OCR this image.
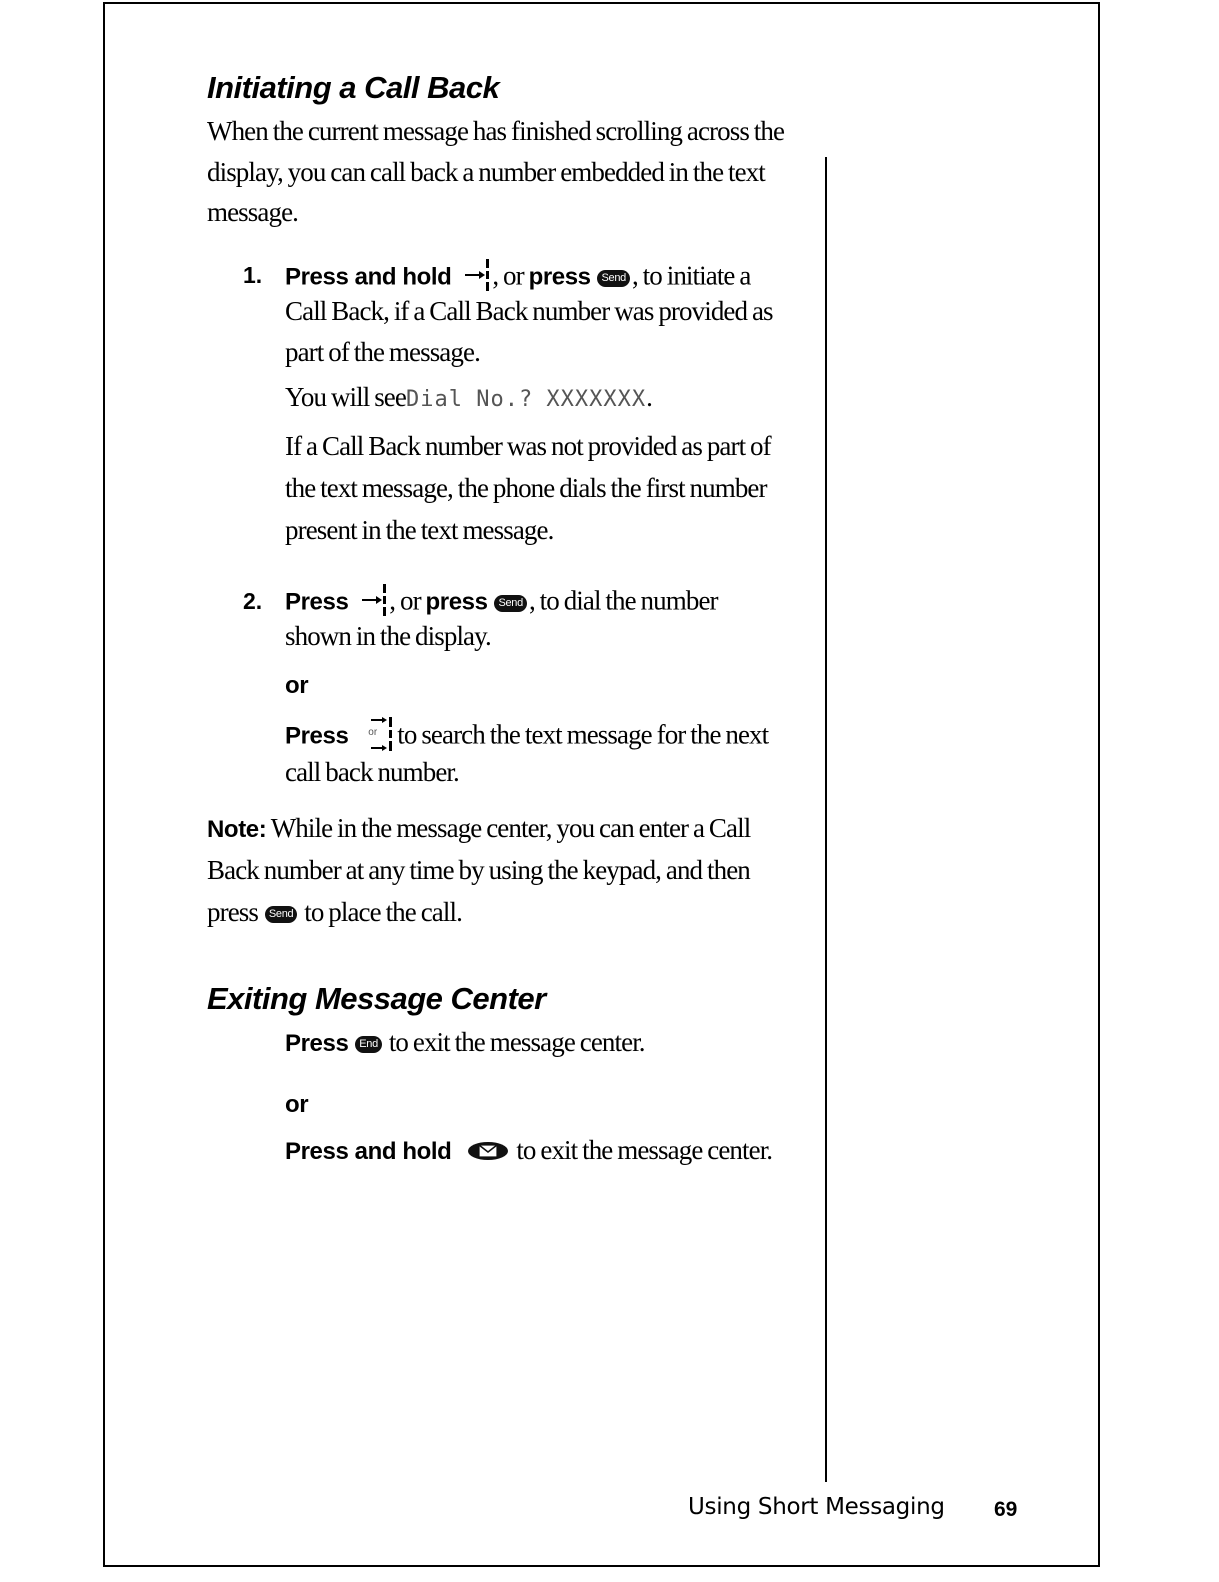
Initiating a Call Back
When the current message has finished scrolling across the
display, you can call back a number embedded in the text
message.
1. Press and hold , or press Send , to initiate a
Call Back, if a Call Back number was provided as
part of the message.
You will seeDial No.? XXXXXXX.
If a Call Back number was not provided as part of
the text message, the phone dials the first number
present in the text message.
2. Press , or press Send , to dial the number
shown in the display.
or
Press or to search the text message for the next
call back number.
Note: While in the message center, you can enter a Call
Back number at any time by using the keypad, and then
press Send to place the call.
Exiting Message Center
Press End to exit the message center.
or
Press and hold to exit the message center.
Using Short Messaging 69
